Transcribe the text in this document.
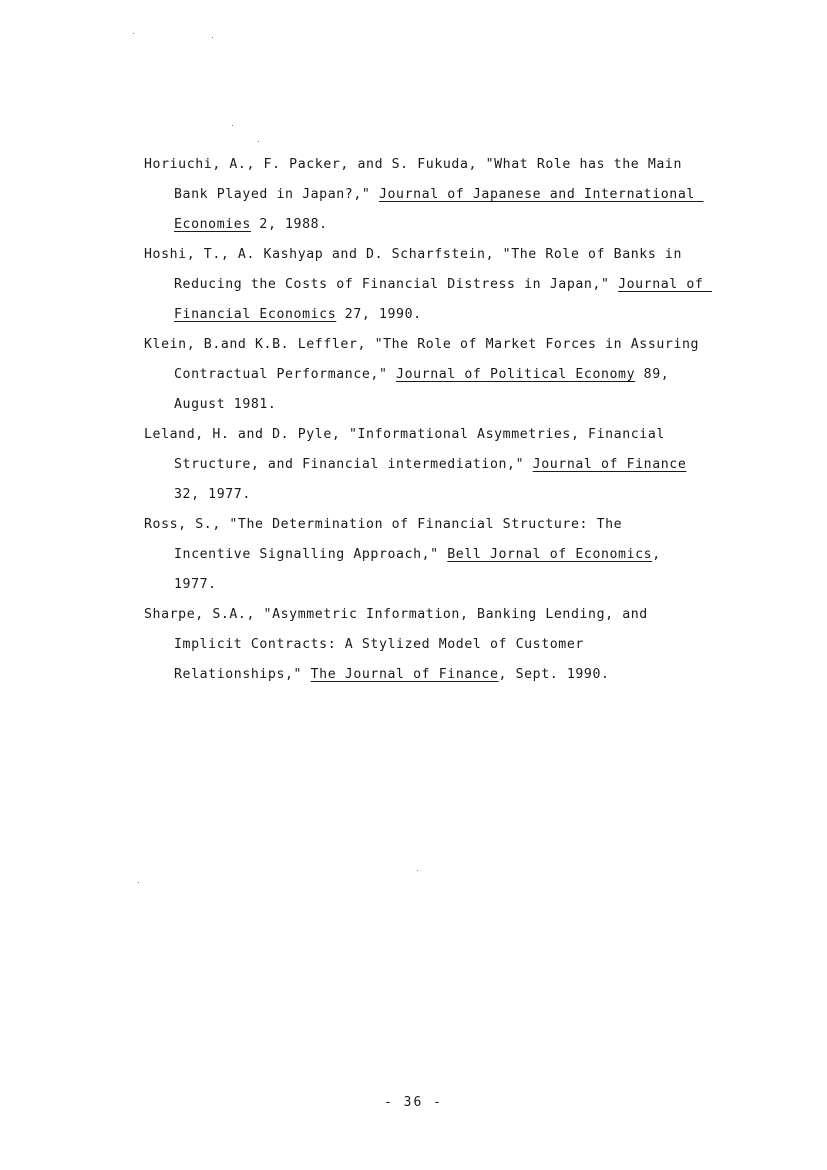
Horiuchi, A., F. Packer, and S. Fukuda, "What Role has the Main Bank Played in Japan?," Journal of Japanese and International Economies 2, 1988.

Hoshi, T., A. Kashyap and D. Scharfstein, "The Role of Banks in Reducing the Costs of Financial Distress in Japan," Journal of Financial Economics 27, 1990.

Klein, B.and K.B. Leffler, "The Role of Market Forces in Assuring Contractual Performance," Journal of Political Economy 89, August 1981.

Leland, H. and D. Pyle, "Informational Asymmetries, Financial Structure, and Financial intermediation," Journal of Finance 32, 1977.

Ross, S., "The Determination of Financial Structure: The Incentive Signalling Approach," Bell Jornal of Economics, 1977.

Sharpe, S.A., "Asymmetric Information, Banking Lending, and Implicit Contracts: A Stylized Model of Customer Relationships," The Journal of Finance, Sept. 1990.

- 36 -
